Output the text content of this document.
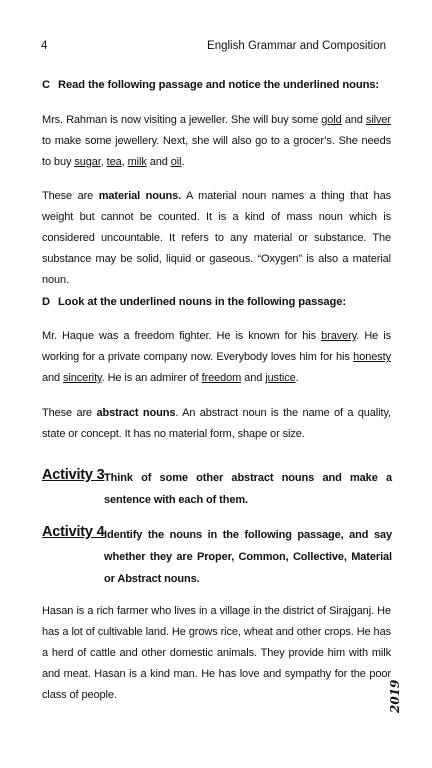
4	English Grammar and Composition
C Read the following passage and notice the underlined nouns:
Mrs. Rahman is now visiting a jeweller. She will buy some gold and silver to make some jewellery. Next, she will also go to a grocer’s. She needs to buy sugar, tea, milk and oil.
These are material nouns. A material noun names a thing that has weight but cannot be counted. It is a kind of mass noun which is considered uncountable. It refers to any material or substance. The substance may be solid, liquid or gaseous. “Oxygen” is also a material noun.
D Look at the underlined nouns in the following passage:
Mr. Haque was a freedom fighter. He is known for his bravery. He is working for a private company now. Everybody loves him for his honesty and sincerity. He is an admirer of freedom and justice.
These are abstract nouns. An abstract noun is the name of a quality, state or concept. It has no material form, shape or size.
Activity 3 Think of some other abstract nouns and make a sentence with each of them.
Activity 4 Identify the nouns in the following passage, and say whether they are Proper, Common, Collective, Material or Abstract nouns.
Hasan is a rich farmer who lives in a village in the district of Sirajganj. He has a lot of cultivable land. He grows rice, wheat and other crops. He has a herd of cattle and other domestic animals. They provide him with milk and meat. Hasan is a kind man. He has love and sympathy for the poor class of people.	2019
